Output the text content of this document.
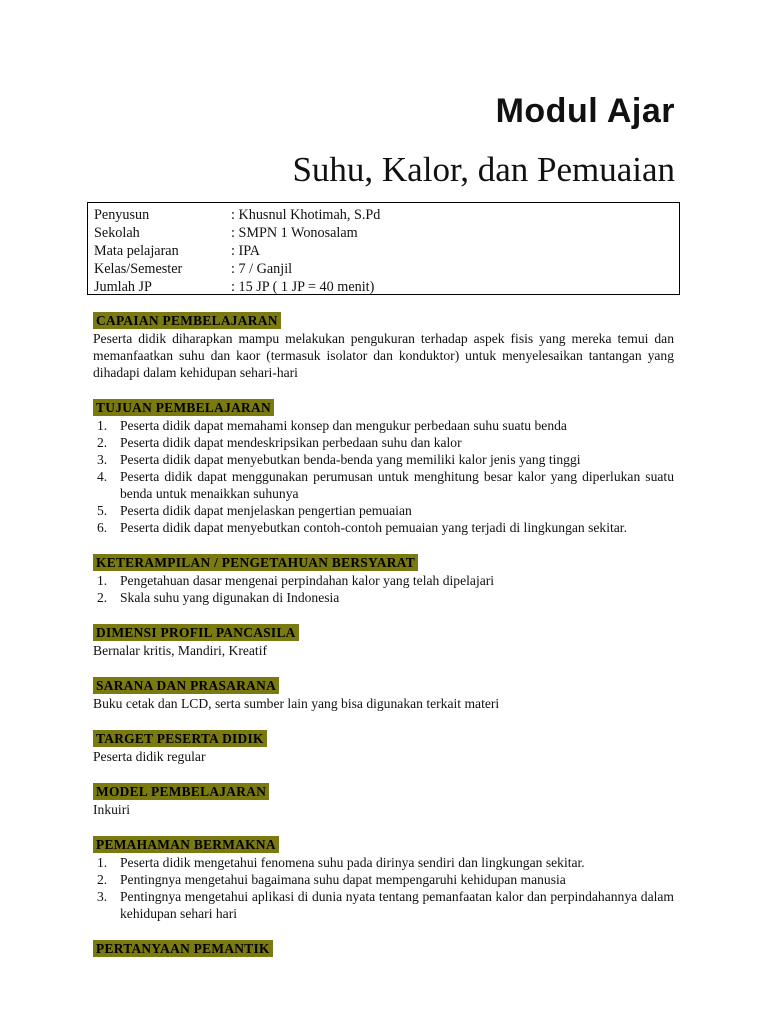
Modul Ajar
Suhu, Kalor, dan Pemuaian
Penyusun	: Khusnul Khotimah, S.Pd
Sekolah	: SMPN 1 Wonosalam
Mata pelajaran	: IPA
Kelas/Semester	: 7 / Ganjil
Jumlah JP	: 15 JP ( 1 JP = 40 menit)
CAPAIAN PEMBELAJARAN

Peserta didik diharapkan mampu melakukan pengukuran terhadap aspek fisis yang mereka temui dan memanfaatkan suhu dan kaor (termasuk isolator dan konduktor) untuk menyelesaikan tantangan yang dihadapi dalam kehidupan sehari-hari

TUJUAN PEMBELAJARAN
1. Peserta didik dapat memahami konsep dan mengukur perbedaan suhu suatu benda
2. Peserta didik dapat mendeskripsikan perbedaan suhu dan kalor
3. Peserta didik dapat menyebutkan benda-benda yang memiliki kalor jenis yang tinggi
4. Peserta didik dapat menggunakan perumusan untuk menghitung besar kalor yang diperlukan suatu benda untuk menaikkan suhunya
5. Peserta didik dapat menjelaskan pengertian pemuaian
6. Peserta didik dapat menyebutkan contoh-contoh pemuaian yang terjadi di lingkungan sekitar.
KETERAMPILAN / PENGETAHUAN BERSYARAT
1. Pengetahuan dasar mengenai perpindahan kalor yang telah dipelajari
2. Skala suhu yang digunakan di Indonesia
DIMENSI PROFIL PANCASILA

Bernalar kritis, Mandiri, Kreatif

SARANA DAN PRASARANA

Buku cetak dan LCD, serta sumber lain yang bisa digunakan terkait materi

TARGET PESERTA DIDIK

Peserta didik regular

MODEL PEMBELAJARAN

Inkuiri

PEMAHAMAN BERMAKNA
1. Peserta didik mengetahui fenomena suhu pada dirinya sendiri dan lingkungan sekitar.
2. Pentingnya mengetahui bagaimana suhu dapat mempengaruhi kehidupan manusia
3. Pentingnya mengetahui aplikasi di dunia nyata tentang pemanfaatan kalor dan perpindahannya dalam kehidupan sehari hari
PERTANYAAN PEMANTIK
